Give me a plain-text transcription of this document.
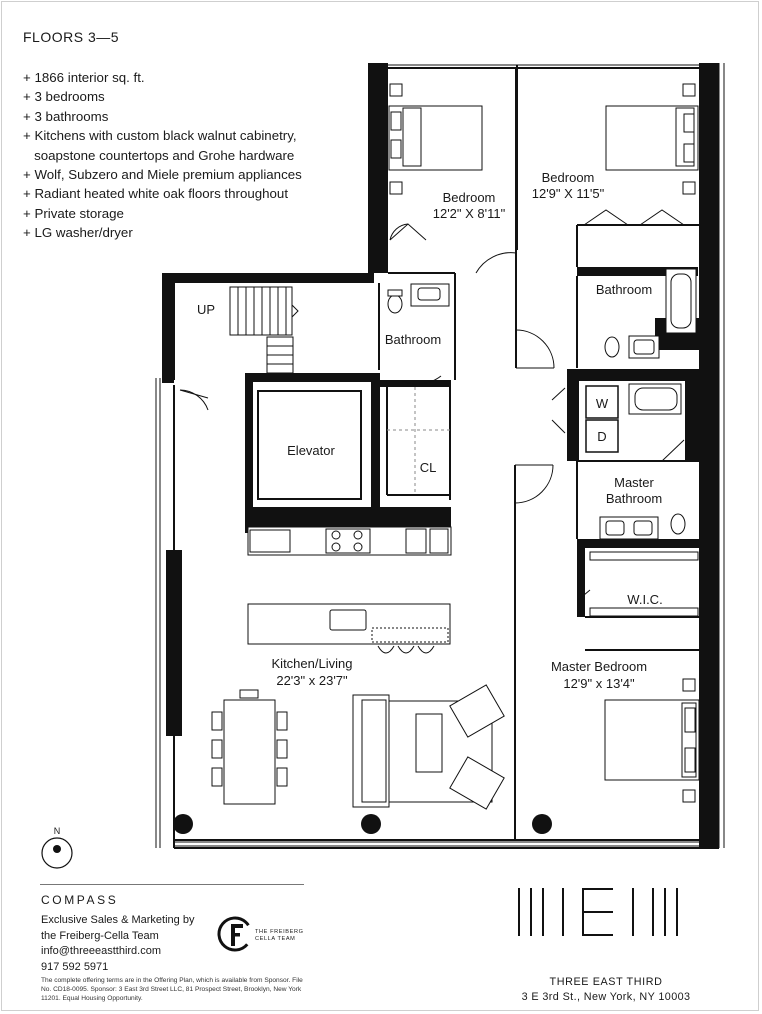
FLOORS 3—5
+ 1866 interior sq. ft.
+ 3 bedrooms
+ 3 bathrooms
+ Kitchens with custom black walnut cabinetry,
soapstone countertops and Grohe hardware
+ Wolf, Subzero and Miele premium appliances
+ Radiant heated white oak floors throughout
+ Private storage
+ LG washer/dryer
Bedroom
12'2" X 8'11"
Bedroom
12'9" X 11'5"
Bathroom
Bathroom
Master
Bathroom
Elevator
CL
UP
W
D
W.I.C.
Kitchen/Living
22'3" x 23'7"
Master Bedroom
12'9" x 13'4"
N
COMPASS
Exclusive Sales & Marketing by
the Freiberg-Cella Team
info@threeeastthird.com
917 592 5971
THE FREIBERG
CELLA TEAM
The complete offering terms are in the Offering Plan, which is available from Sponsor. File No. CD18-0095. Sponsor: 3 East 3rd Street LLC, 81 Prospect Street, Brooklyn, New York 11201. Equal Housing Opportunity.
THREE EAST THIRD
3 E 3rd St., New York, NY 10003
